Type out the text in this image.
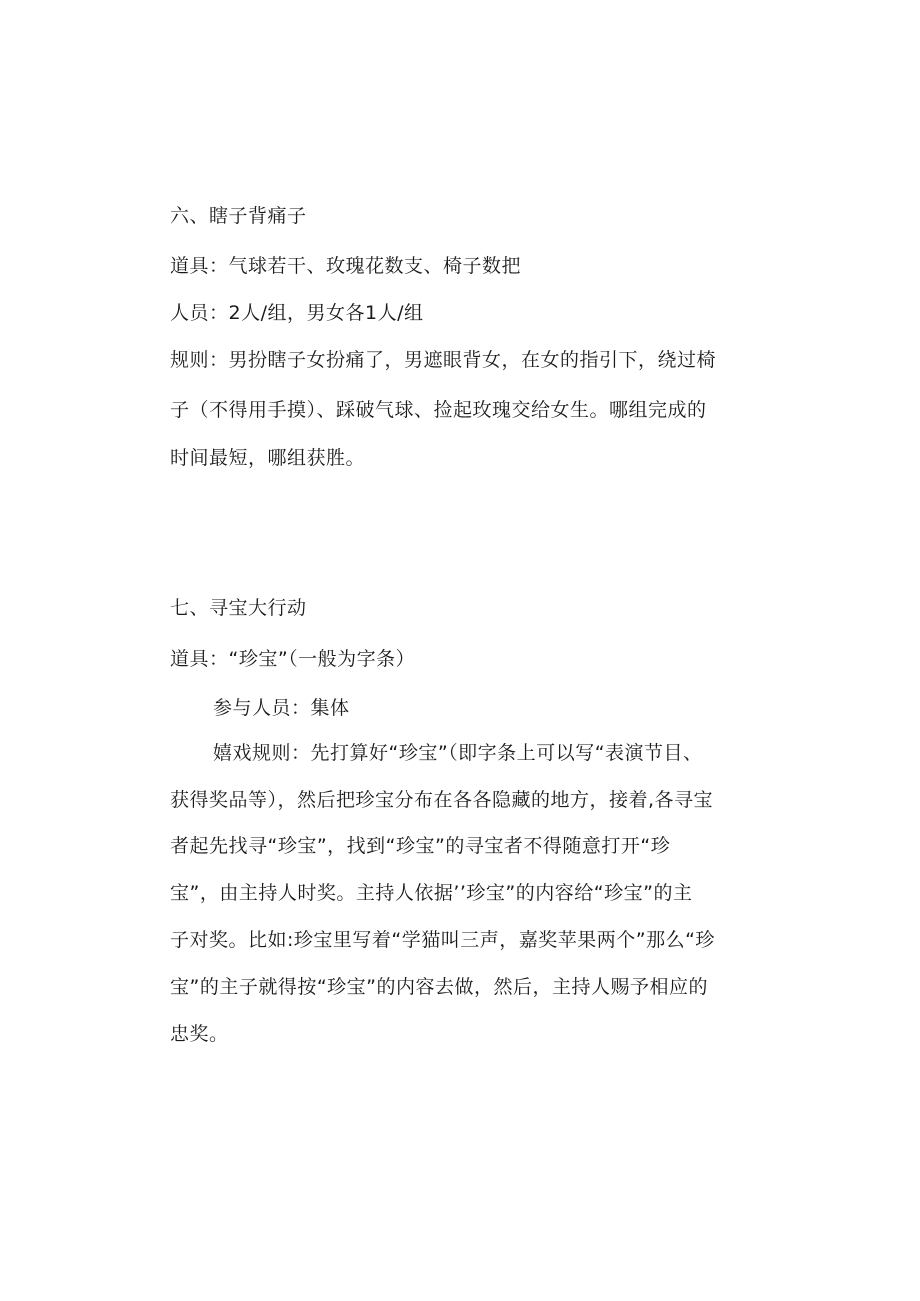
六、瞎子背痛子
道具：气球若干、玫瑰花数支、椅子数把
人员：2人/组，男女各1人/组
规则：男扮瞎子女扮痛了，男遮眼背女，在女的指引下，绕过椅
子（不得用手摸）、踩破气球、捡起玫瑰交给女生。哪组完成的
时间最短，哪组获胜。
七、寻宝大行动
道具：“珍宝”（一般为字条）
参与人员：集体
嬉戏规则：先打算好“珍宝”（即字条上可以写“表演节目、
获得奖品等），然后把珍宝分布在各各隐藏的地方，接着,各寻宝
者起先找寻“珍宝”，找到“珍宝”的寻宝者不得随意打开“珍
宝”，由主持人时奖。主持人依据’’珍宝”的内容给“珍宝”的主
子对奖。比如:珍宝里写着“学猫叫三声，嘉奖苹果两个”那么“珍
宝”的主子就得按“珍宝”的内容去做，然后，主持人赐予相应的
忠奖。
